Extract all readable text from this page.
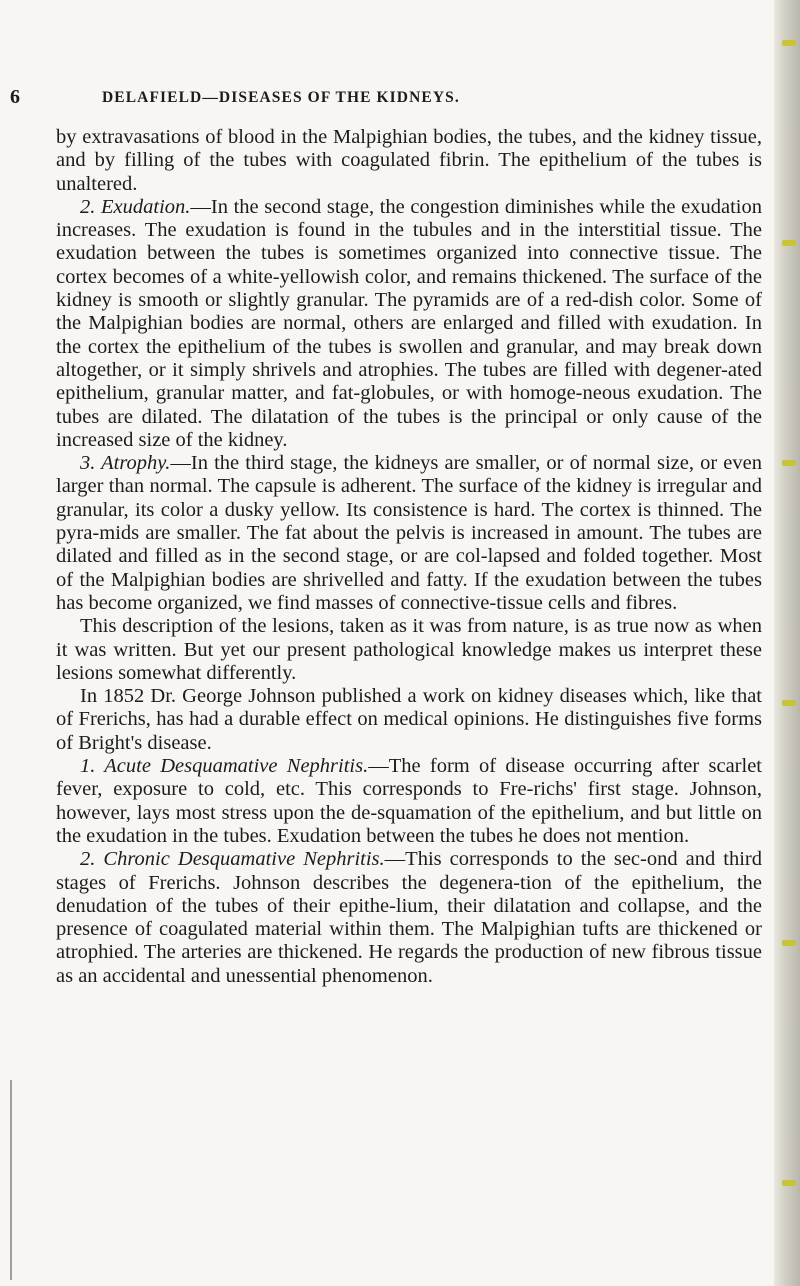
6	DELAFIELD—DISEASES OF THE KIDNEYS.

by extravasations of blood in the Malpighian bodies, the tubes, and the kidney tissue, and by filling of the tubes with coagulated fibrin. The epithelium of the tubes is unaltered.

2. Exudation.—In the second stage, the congestion diminishes while the exudation increases. The exudation is found in the tubules and in the interstitial tissue. The exudation between the tubes is sometimes organized into connective tissue. The cortex becomes of a white-yellowish color, and remains thickened. The surface of the kidney is smooth or slightly granular. The pyramids are of a red-dish color. Some of the Malpighian bodies are normal, others are enlarged and filled with exudation. In the cortex the epithelium of the tubes is swollen and granular, and may break down altogether, or it simply shrivels and atrophies. The tubes are filled with degener-ated epithelium, granular matter, and fat-globules, or with homoge-neous exudation. The tubes are dilated. The dilatation of the tubes is the principal or only cause of the increased size of the kidney.

3. Atrophy.—In the third stage, the kidneys are smaller, or of normal size, or even larger than normal. The capsule is adherent. The surface of the kidney is irregular and granular, its color a dusky yellow. Its consistence is hard. The cortex is thinned. The pyra-mids are smaller. The fat about the pelvis is increased in amount. The tubes are dilated and filled as in the second stage, or are col-lapsed and folded together. Most of the Malpighian bodies are shrivelled and fatty. If the exudation between the tubes has become organized, we find masses of connective-tissue cells and fibres.

This description of the lesions, taken as it was from nature, is as true now as when it was written. But yet our present pathological knowledge makes us interpret these lesions somewhat differently.

In 1852 Dr. George Johnson published a work on kidney diseases which, like that of Frerichs, has had a durable effect on medical opinions. He distinguishes five forms of Bright's disease.

1. Acute Desquamative Nephritis.—The form of disease occurring after scarlet fever, exposure to cold, etc. This corresponds to Fre-richs' first stage. Johnson, however, lays most stress upon the de-squamation of the epithelium, and but little on the exudation in the tubes. Exudation between the tubes he does not mention.

2. Chronic Desquamative Nephritis.—This corresponds to the sec-ond and third stages of Frerichs. Johnson describes the degenera-tion of the epithelium, the denudation of the tubes of their epithe-lium, their dilatation and collapse, and the presence of coagulated material within them. The Malpighian tufts are thickened or atrophied. The arteries are thickened. He regards the production of new fibrous tissue as an accidental and unessential phenomenon.
